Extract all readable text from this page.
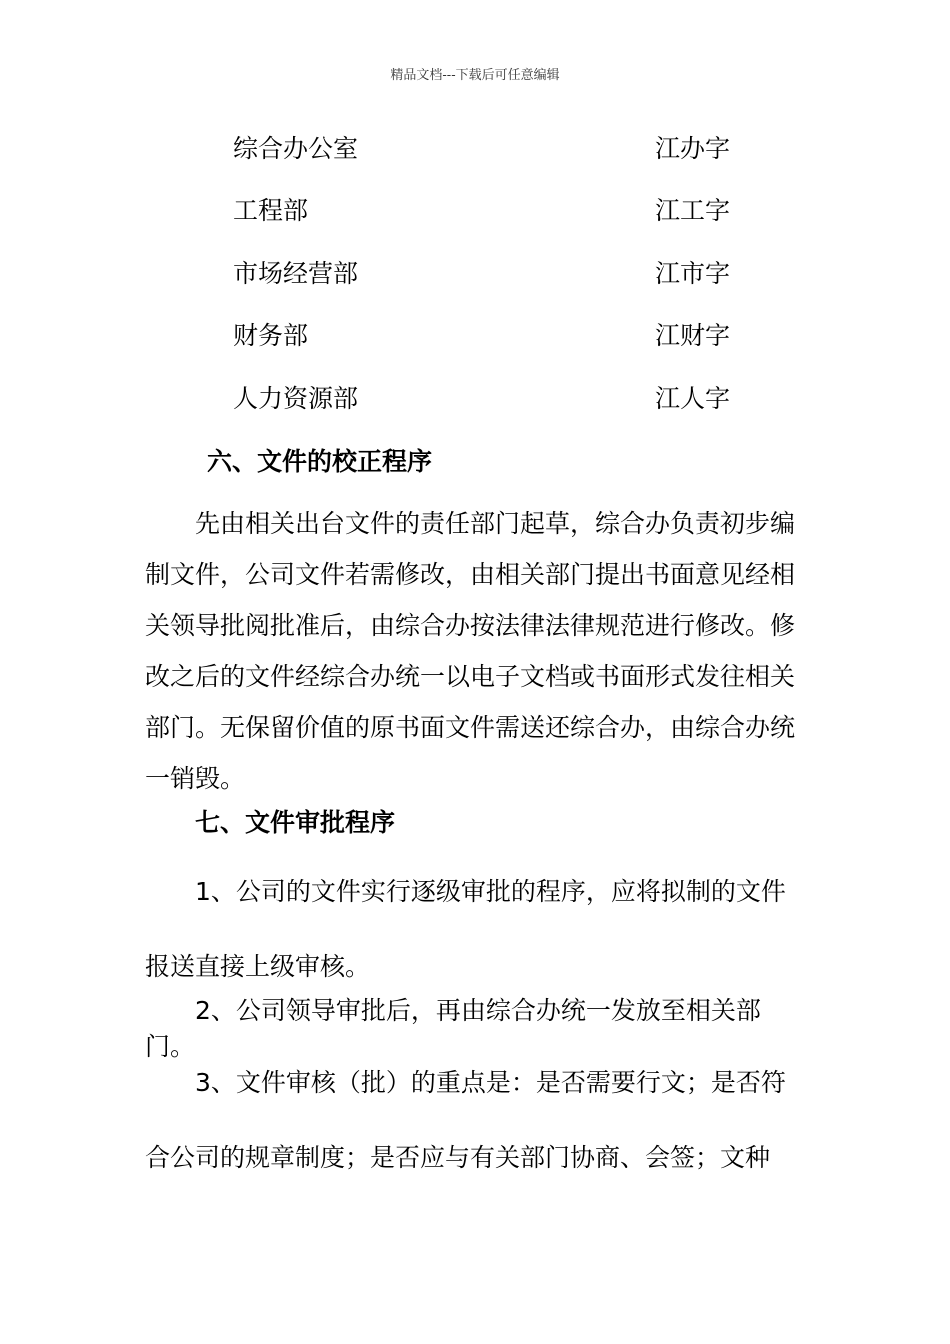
精品文档---下载后可任意编辑
综合办公室	江办字
工程部	江工字
市场经营部	江市字
财务部	江财字
人力资源部	江人字
六、文件的校正程序

先由相关出台文件的责任部门起草，综合办负责初步编制文件，公司文件若需修改，由相关部门提出书面意见经相关领导批阅批准后，由综合办按法律法律规范进行修改。修改之后的文件经综合办统一以电子文档或书面形式发往相关部门。无保留价值的原书面文件需送还综合办，由综合办统一销毁。

七、文件审批程序

1、公司的文件实行逐级审批的程序，应将拟制的文件报送直接上级审核。

2、公司领导审批后，再由综合办统一发放至相关部门。

3、文件审核（批）的重点是：是否需要行文；是否符合公司的规章制度；是否应与有关部门协商、会签；文种
